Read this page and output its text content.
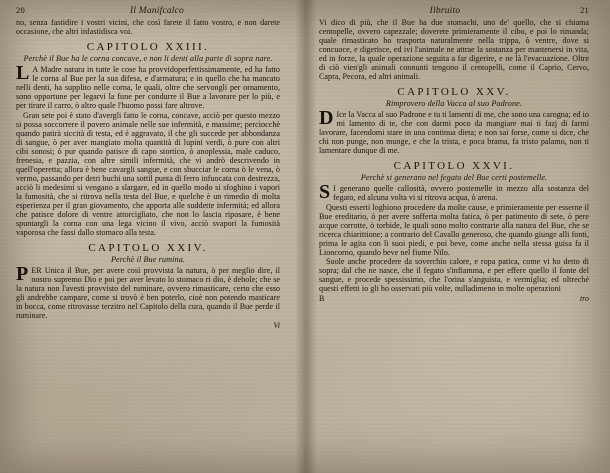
20	Il Manifcalco

no, senza fastidire i vostri vicini, che così farete il fatto vostro, e non darete occasione, che altri infastidisca voi.

CAPITOLO XXIII.
Perchè il Bue ha le corna concave, e non li denti alla parte di sopra nare.

L A Madre natura in tutte le cose ha provvidoperfettissimamente, ed ha fatto le corna al Bue per la sua difesa, e d'armatura; e in quello che ha mancato nelli denti, ha supplito nelle corna, le quali, oltre che servongli per ornamento, sono opportune per legarvi la fune per condurre il Bue a lavorare per lo più, e per tirare il carro, ò altro quale l'huomo possi fare altrove.

Gran sete poi è stato d'avergli fatto le corna, concave, acciò per questo mezzo si possa soccorrere il povero animale nelle sue infermità, e massime; perciocchè quando patirà siccità di testa, ed è aggravato, il che gli succede per abbondanza di sangue, ò per aver mangiato molta quantità di lupini verdi, ò pure con altri cibi sonosi; ò pur quando patisce di capo stortico, ò anoplessia, male caduco, frenesia, e pazzia, con altre simili infermità, che vi andrò descrivendo in quell'operetta; allora è bene cavargli sangue, e con sbucciar le corna ò le vena, ò vermo, passando per detri buchi una sottil punta di ferro infuocata con destrezza, acciò li medesimi si vengano a slargare, ed in quello modo si sfoghino i vapori la fumosità, che si ritrova nella testa del Bue, e quelche è un rimedio di molta esperienza per il gran giovamento, che apporta alle suddette infermità; ed allora che patisce dolore di ventre attorcigliato, che non lo lascia riposare, è bene spuntargli la corna con una lega vicino il vivo, acciò svapori la fumosità vaporosa che fassi dallo stomaco alla testa.

CAPITOLO XXIV.
Perchè il Bue rumina.

PER Unica il Bue, per avere così provvista la natura, ò per meglio dire, il nostro supremo Dio e poi per aver levato lo stomaco ri dio, è debole; che se la natura non l'avesti provvisto del ruminare, ovvero rimasticare, certo che esso gli andrebbe campare, come si trovò è ben poterlo, cioè non potendo masticare in bocca, come ritrovasse terzitro nel Capitolo della cura, quando il Bue perde il ruminare.

Vi
21
Ilbruito

Vi dico di più, che il Bue ha due stomachi, uno de' quello, che si chiama centopelle, ovvero capezzale; doverete primieramente il cibo, e poi lo rimanda; quale rimasticato ho trasporta naturalmente nella trippa, ò ventre, dove si concuoce, e digerisce, ed ivi l'animale ne attrae la sostanza per mantenersi in vita, ed in forze, la quale operazione seguita a far digerire, e ne là l'evacuazione. Oltre di ciò vien'gli animali connunti tengono il centopelli, come il Caprio, Cervo, Capra, Pecora, ed altri animali.

CAPITOLO XXV.
Rimprovero della Vacca al suo Padrone.

D Ice la Vacca al suo Padrone e tu ti lamenti di me, che sono una carogna; ed io mi lamento di te, che con darmi poco da mangiare mai ti fazj di farmi lavorare, facendomi stare in una continua dieta; e non sai forse, come si dice, che chi non punge, non munge, e che la trista, e poca brama, fa tristo palamo, non ti lamentare dunque di me.

CAPITOLO XXVI.
Perchè si generano nel fegato del Bue certi postemelle.

S I generano quelle callosità, ovvero postemelle in mezzo alla sostanza del fegato, ed alcuna volta vi si ritrova acqua, ò arena.

Questi esserti loghiono procedere da molte cause, e primieramente per esserne il Bue ereditario, ò per avere sofferta molta fatica, ò per patimento di sete, ò pere acque corrotte, ò torbide, le quali sono molto contrarie alla natura del Bue, che se ricerca chiarittione; a contrario del Cavallo generoso, che quando giunge alli fonti, prima le agita con li suoi piedi, e poi beve, come anche nella stessa guisa fa il Lioncorno, quando beve nel fiume Nilo.

Suole anche procedere da soverchio calore, e ropa patica, come vi ho detto di sopra; dal che ne nasce, che il fegato s'infiamma, e per effere quello il fonte del sangue, e procede spessissimo, che l'orina s'anguista, e vermiglia; ed oltreché questi effetti io gli ho osservati più volte, nulladimeno in molte operazioni

B	tro
